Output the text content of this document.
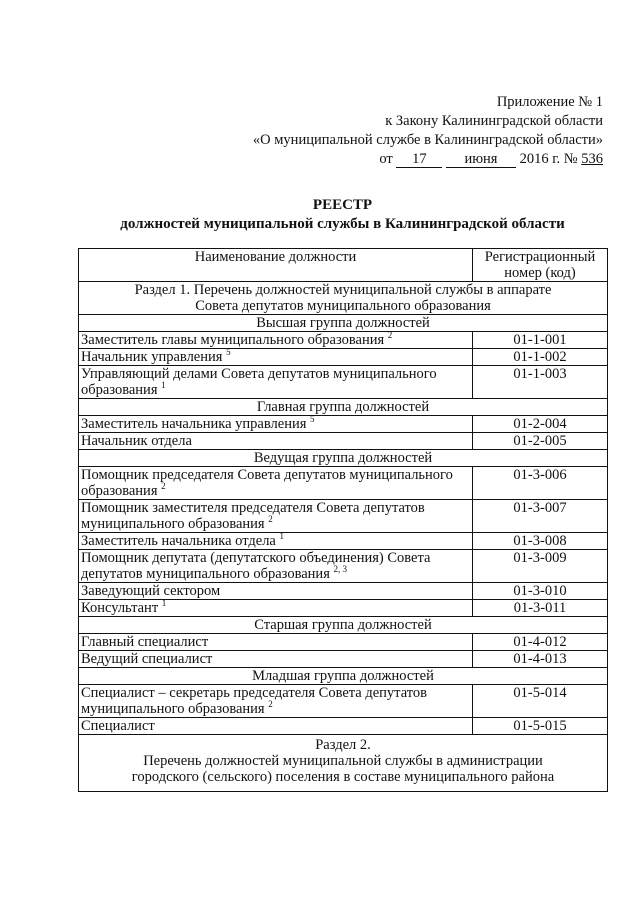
Приложение № 1
к Закону Калининградской области
«О муниципальной службе в Калининградской области»
от 17	июня 2016 г. № 536
РЕЕСТР
должностей муниципальной службы в Калининградской области
Наименование должности	Регистрационный номер (код)

Раздел 1. Перечень должностей муниципальной службы в аппарате
Совета депутатов муниципального образования	

Высшая группа должностей	
Заместитель главы муниципального образования $^2$	01-1-001
Начальник управления $^5$	01-1-002
Управляющий делами Совета депутатов муниципального образования $^1$	01-1-003
Главная группа должностей	
Заместитель начальника управления $^5$	01-2-004
Начальник отдела	01-2-005
Ведущая группа должностей	
Помощник председателя Совета депутатов муниципального образования $^2$	01-3-006
Помощник заместителя председателя Совета депутатов муниципального образования $^2$	01-3-007
Заместитель начальника отдела $^1$	01-3-008
Помощник депутата (депутатского объединения) Совета депутатов муниципального образования $^{2, 3}$	01-3-009
Заведующий сектором	01-3-010
Консультант $^1$	01-3-011
Старшая группа должностей	
Главный специалист	01-4-012
Ведущий специалист	01-4-013
Младшая группа должностей	
Специалист – секретарь председателя Совета депутатов муниципального образования $^2$	01-5-014
Специалист	01-5-015

Раздел 2.
Перечень должностей муниципальной службы в администрации
городского (сельского) поселения в составе муниципального района	
